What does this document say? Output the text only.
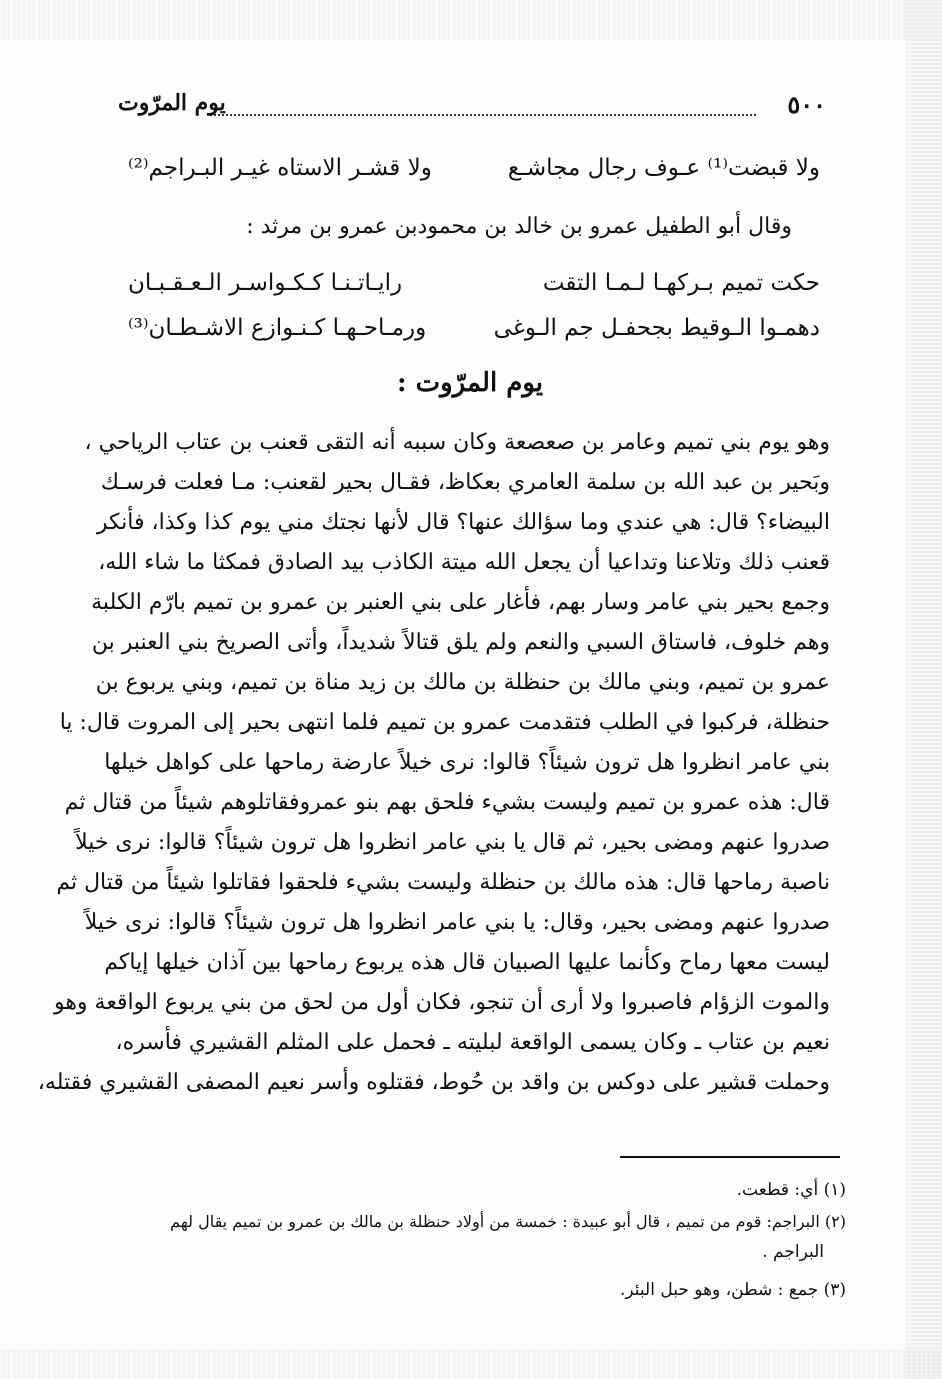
٥٠٠
يوم المرّوت
ولا قبضت⁽¹⁾ عـوف رجال مجاشـع
ولا قشـر الاستاه غيـر البـراجم⁽²⁾
وقال أبو الطفيل عمرو بن خالد بن محمودبن عمرو بن مرثد :
حكت تميم بـركهـا لـمـا التقت
رايـاتـنـا كـكـواسـر الـعـقـبـان
دهمـوا الـوقيط بجحفـل جم الـوغى
ورمـاحـهـا كـنـوازع الاشـطـان⁽³⁾
يوم المرّوت :
وهو يوم بني تميم وعامر بن صعصعة وكان سببه أنه التقى قعنب بن عتاب الرياحي ،
وبَحير بن عبد الله بن سلمة العامري بعكاظ، فقـال بحير لقعنب: مـا فعلت فرسـك
البيضاء؟ قال: هي عندي وما سؤالك عنها؟ قال لأنها نجتك مني يوم كذا وكذا، فأنكر
قعنب ذلك وتلاعنا وتداعيا أن يجعل الله ميتة الكاذب بيد الصادق فمكثا ما شاء الله،
وجمع بحير بني عامر وسار بهم، فأغار على بني العنبر بن عمرو بن تميم بارّم الكلبة
وهم خلوف، فاستاق السبي والنعم ولم يلق قتالاً شديداً، وأتى الصريخ بني العنبر بن
عمرو بن تميم، وبني مالك بن حنظلة بن مالك بن زيد مناة بن تميم، وبني يربوع بن
حنظلة، فركبوا في الطلب فتقدمت عمرو بن تميم فلما انتهى بحير إلى المروت قال: يا
بني عامر انظروا هل ترون شيئاً؟ قالوا: نرى خيلاً عارضة رماحها على كواهل خيلها
قال: هذه عمرو بن تميم وليست بشيء فلحق بهم بنو عمروفقاتلوهم شيئاً من قتال ثم
صدروا عنهم ومضى بحير، ثم قال يا بني عامر انظروا هل ترون شيئاً؟ قالوا: نرى خيلاً
ناصبة رماحها قال: هذه مالك بن حنظلة وليست بشيء فلحقوا فقاتلوا شيئاً من قتال ثم
صدروا عنهم ومضى بحير، وقال: يا بني عامر انظروا هل ترون شيئاً؟ قالوا: نرى خيلاً
ليست معها رماح وكأنما عليها الصبيان قال هذه يربوع رماحها بين آذان خيلها إياكم
والموت الزؤام فاصبروا ولا أرى أن تنجو، فكان أول من لحق من بني يربوع الواقعة وهو
نعيم بن عتاب ـ وكان يسمى الواقعة لبليته ـ فحمل على المثلم القشيري فأسره،
وحملت قشير على دوكس بن واقد بن حُوط، فقتلوه وأسر نعيم المصفى القشيري فقتله،
(١) أي: قطعت.
(٢) البراجم: قوم من تميم ، قال أبو عبيدة : خمسة من أولاد حنظلة بن مالك بن عمرو بن تميم يقال لهم
البراجم .
(٣) جمع : شطن، وهو حبل البئر.
